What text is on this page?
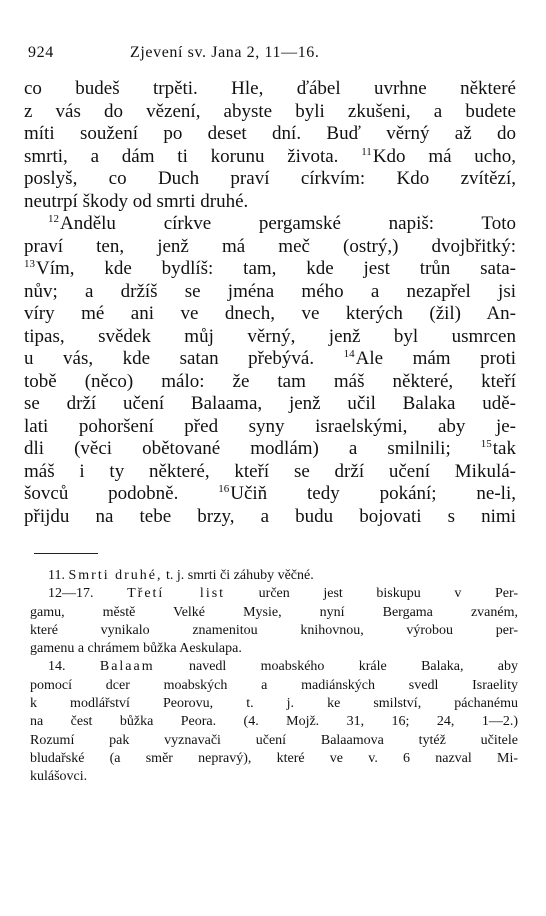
924	Zjevení sv. Jana 2, 11—16.
co budeš trpěti. Hle, ďábel uvrhne některé
z vás do vězení, abyste byli zkušeni, a budete
míti soužení po deset dní. Buď věrný až do
smrti, a dám ti korunu života. $^{11}$Kdo má ucho,
poslyš, co Duch praví církvím: Kdo zvítězí,
neutrpí škody od smrti druhé.
$^{12}$Andělu církve pergamské napiš: Toto
praví ten, jenž má meč (ostrý,) dvojbřitký:
$^{13}$Vím, kde bydlíš: tam, kde jest trůn sata-
nův; a držíš se jména mého a nezapřel jsi
víry mé ani ve dnech, ve kterých (žil) An-
tipas, svědek můj věrný, jenž byl usmrcen
u vás, kde satan přebývá. $^{14}$Ale mám proti
tobě (něco) málo: že tam máš některé, kteří
se drží učení Balaama, jenž učil Balaka udě-
lati pohoršení před syny israelskými, aby je-
dli (věci obětované modlám) a smilnili; $^{15}$tak
máš i ty některé, kteří se drží učení Mikulá-
šovců podobně. $^{16}$Učiň tedy pokání; ne-li,
přijdu na tebe brzy, a budu bojovati s nimi
11. Smrti druhé, t. j. smrti či záhuby věčné.
12—17. Třetí list určen jest biskupu v Per-
gamu, městě Velké Mysie, nyní Bergama zvaném,
které vynikalo znamenitou knihovnou, výrobou per-
gamenu a chrámem bůžka Aeskulapa.
14. Balaam navedl moabského krále Balaka, aby
pomocí dcer moabských a madiánských svedl Israelity
k modlářství Peorovu, t. j. ke smilství, páchanému
na čest bůžka Peora. (4. Mojž. 31, 16; 24, 1—2.)
Rozumí pak vyznavači učení Balaamova tytéž učitele
bludařské (a směr nepravý), které ve v. 6 nazval Mi-
kulášovci.
